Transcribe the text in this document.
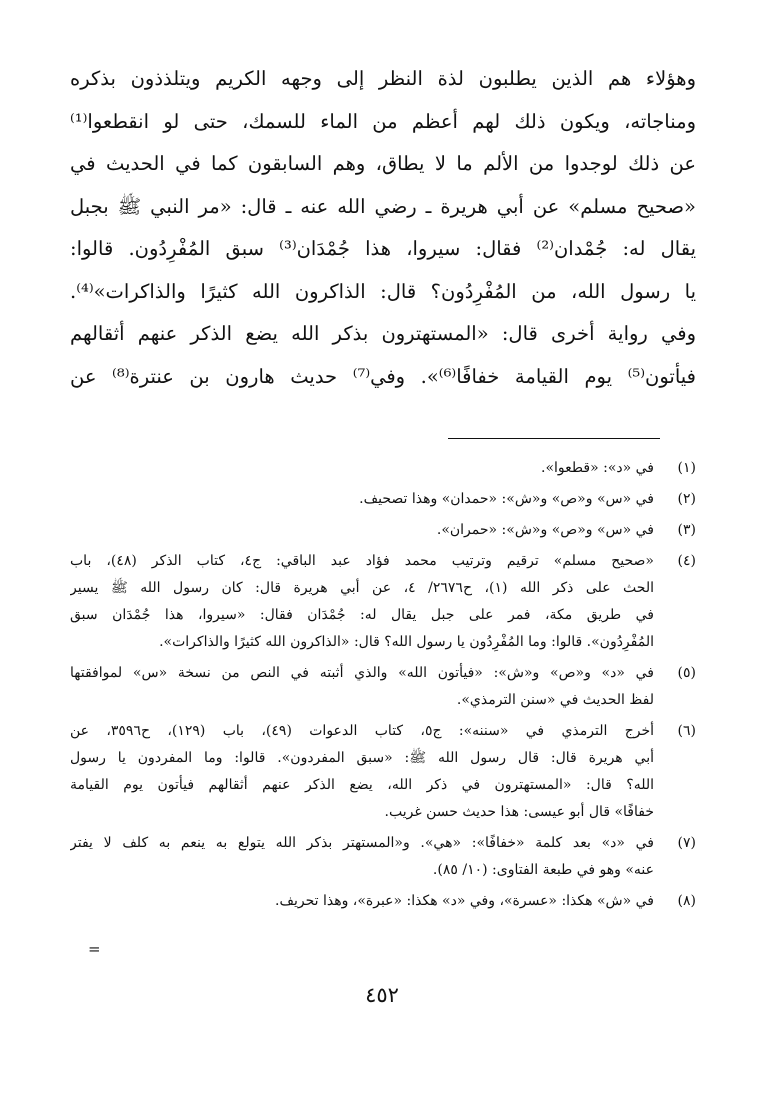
وهؤلاء هم الذين يطلبون لذة النظر إلى وجهه الكريم ويتلذذون بذكره
ومناجاته، ويكون ذلك لهم أعظم من الماء للسمك، حتى لو انقطعوا⁽¹⁾
عن ذلك لوجدوا من الألم ما لا يطاق، وهم السابقون كما في الحديث في
«صحيح مسلم» عن أبي هريرة ـ رضي الله عنه ـ قال: «مر النبي ﷺ بجبل
يقال له: جُمْدان⁽²⁾ فقال: سيروا، هذا جُمْدَان⁽³⁾ سبق المُفْرِدُون. قالوا:
يا رسول الله، من المُفْرِدُون؟ قال: الذاكرون الله كثيرًا والذاكرات»⁽⁴⁾.
وفي رواية أخرى قال: «المستهترون بذكر الله يضع الذكر عنهم أثقالهم
فيأتون⁽⁵⁾ يوم القيامة خفافًا⁽⁶⁾». وفي⁽⁷⁾ حديث هارون بن عنترة⁽⁸⁾ عن
(١)
في «د»: «قطعوا».
(٢)
في «س» و«ص» و«ش»: «حمدان» وهذا تصحيف.
(٣)
في «س» و«ص» و«ش»: «حمران».
(٤)
«صحيح مسلم» ترقيم وترتيب محمد فؤاد عبد الباقي: ج٤، كتاب الذكر (٤٨)، باب
الحث على ذكر الله (١)، ح٢٦٧٦/ ٤، عن أبي هريرة قال: كان رسول الله ﷺ يسير
في طريق مكة، فمر على جبل يقال له: جُمْدَان فقال: «سيروا، هذا جُمْدَان سبق
المُفْرِدُون». قالوا: وما المُفْرِدُون يا رسول الله؟ قال: «الذاكرون الله كثيرًا والذاكرات».
(٥)
في «د» و«ص» و«ش»: «فيأتون الله» والذي أثبته في النص من نسخة «س» لموافقتها
لفظ الحديث في «سنن الترمذي».
(٦)
أخرج الترمذي في «سننه»: ج٥، كتاب الدعوات (٤٩)، باب (١٢٩)، ح٣٥٩٦، عن
أبي هريرة قال: قال رسول الله ﷺ: «سبق المفردون». قالوا: وما المفردون يا رسول
الله؟ قال: «المستهترون في ذكر الله، يضع الذكر عنهم أثقالهم فيأتون يوم القيامة
خفافًا» قال أبو عيسى: هذا حديث حسن غريب.
(٧)
في «د» بعد كلمة «خفافًا»: «هي». و«المستهتر بذكر الله يتولع به ينعم به كلف لا يفتر
عنه» وهو في طبعة الفتاوى: (١٠/ ٨٥).
(٨)
في «ش» هكذا: «عسرة»، وفي «د» هكذا: «عبرة»، وهذا تحريف.
=
٤٥٢
